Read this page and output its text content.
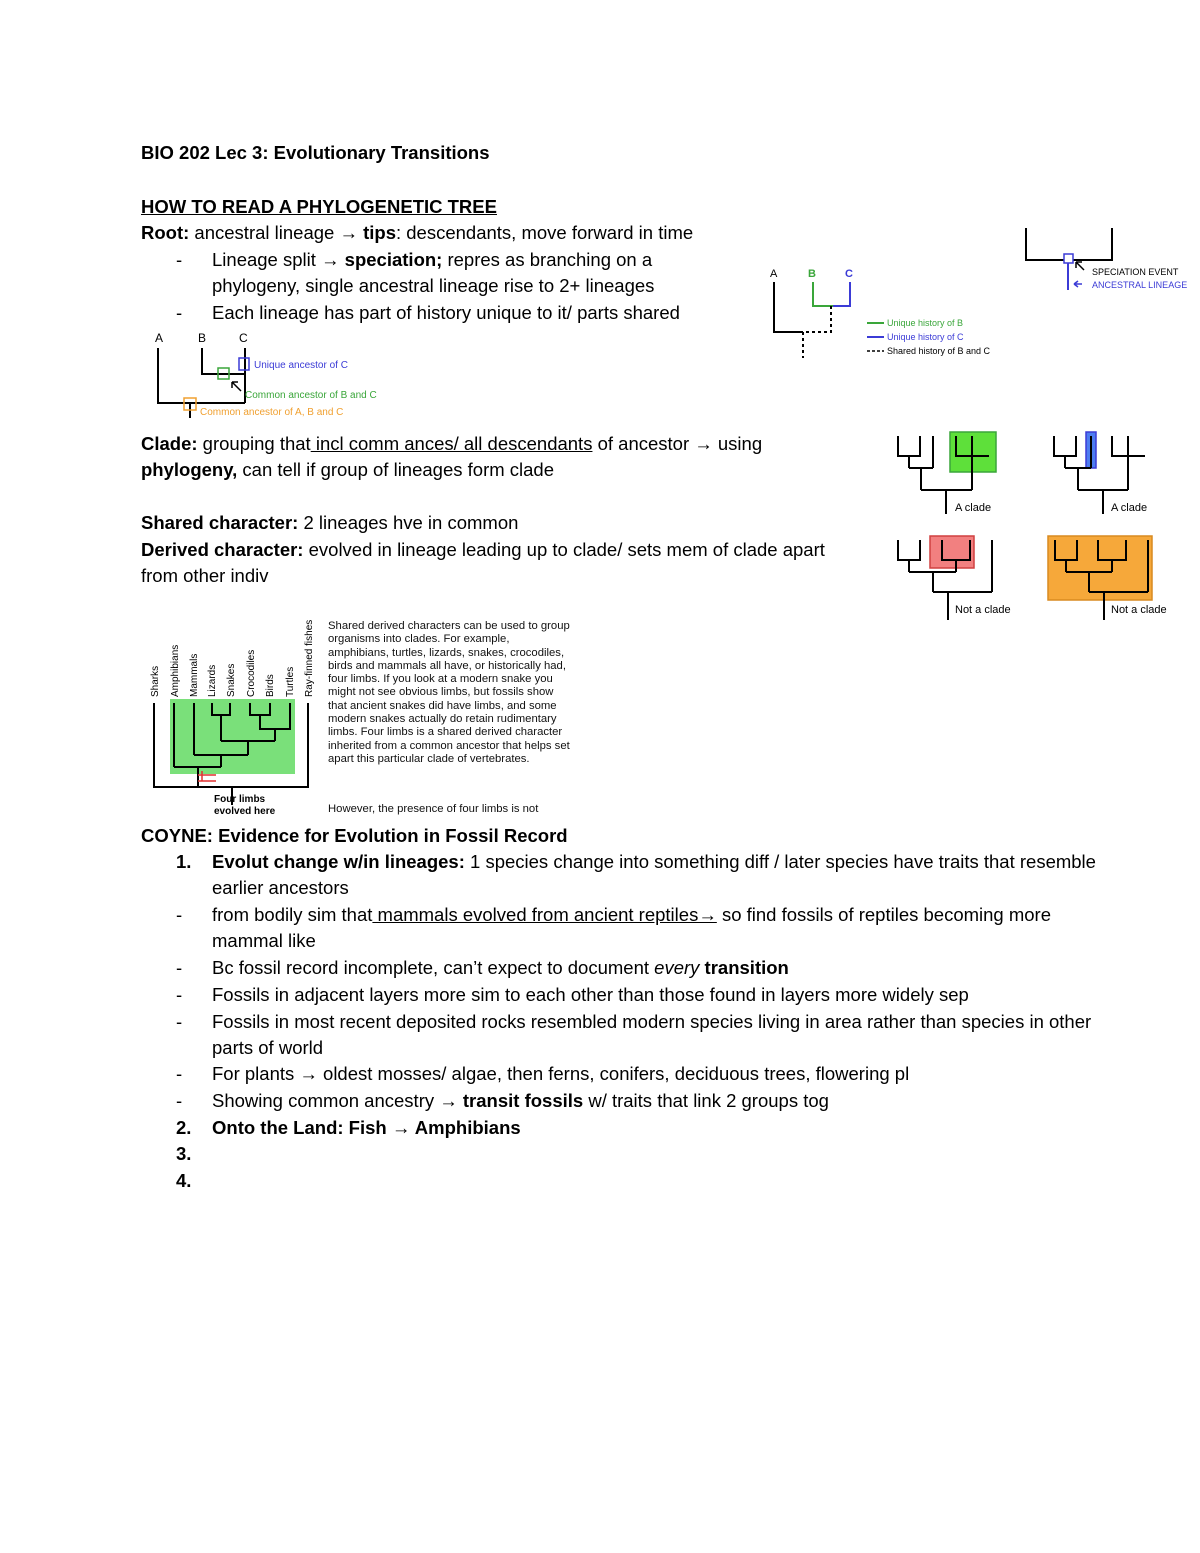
BIO 202 Lec 3: Evolutionary Transitions
HOW TO READ A PHYLOGENETIC TREE
Root: ancestral lineage → tips: descendants, move forward in time
- Lineage split → speciation; repres as branching on a
phylogeny, single ancestral lineage rise to 2+ lineages
- Each lineage has part of history unique to it/ parts shared
A	B	C
Unique ancestor of C
Common ancestor of B and C
Common ancestor of A, B and C
SPECIATION EVENT
ANCESTRAL LINEAGE
A	B	C
Unique history of B
Unique history of C
Shared history of B and C
Clade: grouping that incl comm ances/ all descendants of ancestor → using
phylogeny, can tell if group of lineages form clade
A clade	A clade
Not a clade	Not a clade
Shared character: 2 lineages hve in common
Derived character: evolved in lineage leading up to clade/ sets mem of clade apart
from other indiv
Sharks Amphibians Mammals Lizards Snakes Crocodiles Birds Turtles Ray-finned fishes
Four limbs
evolved here
Shared derived characters can be used to group organisms into clades. For example, amphibians, turtles, lizards, snakes, crocodiles, birds and mammals all have, or historically had, four limbs. If you look at a modern snake you might not see obvious limbs, but fossils show that ancient snakes did have limbs, and some modern snakes actually do retain rudimentary limbs. Four limbs is a shared derived character inherited from a common ancestor that helps set apart this particular clade of vertebrates.
However, the presence of four limbs is not
COYNE: Evidence for Evolution in Fossil Record
1. Evolut change w/in lineages: 1 species change into something diff / later species have traits that resemble
earlier ancestors
- from bodily sim that mammals evolved from ancient reptiles→ so find fossils of reptiles becoming more
mammal like
- Bc fossil record incomplete, can’t expect to document every transition
- Fossils in adjacent layers more sim to each other than those found in layers more widely sep
- Fossils in most recent deposited rocks resembled modern species living in area rather than species in other
parts of world
- For plants → oldest mosses/ algae, then ferns, conifers, deciduous trees, flowering pl
- Showing common ancestry → transit fossils w/ traits that link 2 groups tog
2. Onto the Land: Fish → Amphibians
3.
4.
